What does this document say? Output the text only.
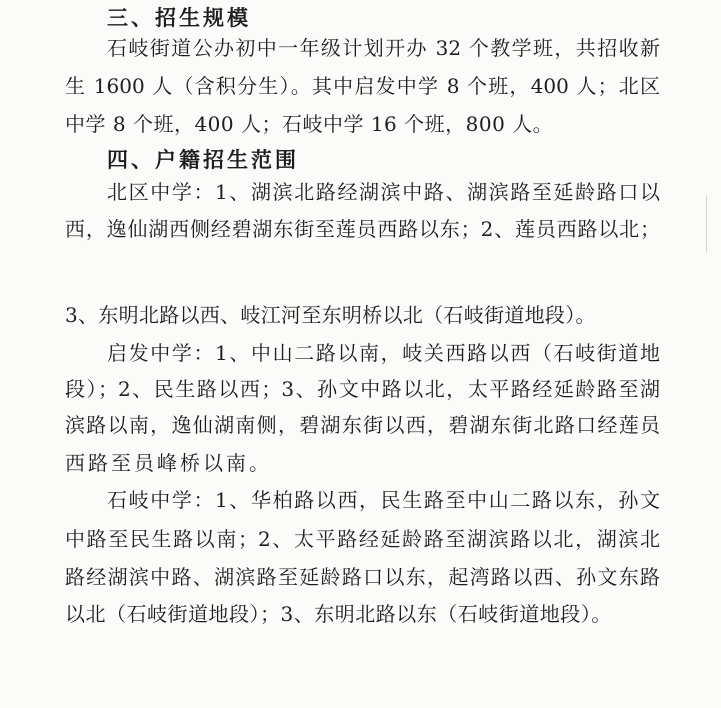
三、招生规模
石岐街道公办初中一年级计划开办 32 个教学班，共招收新
生 1600 人（含积分生）。其中启发中学 8 个班，400 人；北区
中学 8 个班，400 人；石岐中学 16 个班，800 人。
四、户籍招生范围
北区中学：1、湖滨北路经湖滨中路、湖滨路至延龄路口以
西，逸仙湖西侧经碧湖东街至莲员西路以东；2、莲员西路以北；
3、东明北路以西、岐江河至东明桥以北（石岐街道地段）。
启发中学：1、中山二路以南，岐关西路以西（石岐街道地
段）；2、民生路以西；3、孙文中路以北，太平路经延龄路至湖
滨路以南，逸仙湖南侧，碧湖东街以西，碧湖东街北路口经莲员
西路至员峰桥以南。
石岐中学：1、华柏路以西，民生路至中山二路以东，孙文
中路至民生路以南；2、太平路经延龄路至湖滨路以北，湖滨北
路经湖滨中路、湖滨路至延龄路口以东，起湾路以西、孙文东路
以北（石岐街道地段）；3、东明北路以东（石岐街道地段）。
